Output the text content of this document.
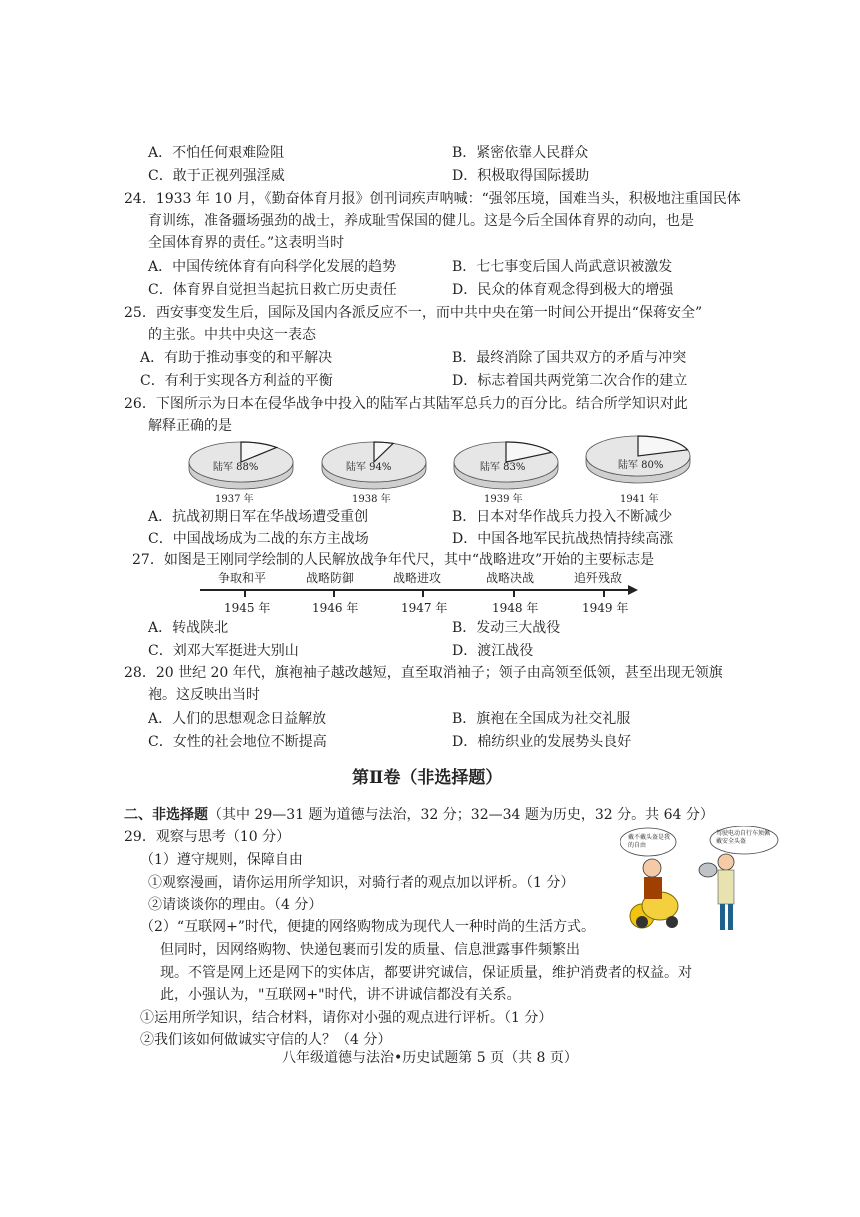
A．不怕任何艰难险阻	B．紧密依靠人民群众
C．敢于正视列强淫威	D．积极取得国际援助
24．1933 年 10 月，《勤奋体育月报》创刊词疾声呐喊：“强邻压境，国难当头，积极地注重国民体
育训练，准备疆场强劲的战士，养成耻雪保国的健儿。这是今后全国体育界的动向，也是
全国体育界的责任。”这表明当时
A．中国传统体育有向科学化发展的趋势	B．七七事变后国人尚武意识被激发
C．体育界自觉担当起抗日救亡历史责任	D．民众的体育观念得到极大的增强
25．西安事变发生后，国际及国内各派反应不一，而中共中央在第一时间公开提出“保蒋安全”
的主张。中共中央这一表态
A．有助于推动事变的和平解决	B．最终消除了国共双方的矛盾与冲突
C．有利于实现各方利益的平衡	D．标志着国共两党第二次合作的建立
26．下图所示为日本在侵华战争中投入的陆军占其陆军总兵力的百分比。结合所学知识对此
解释正确的是
陆军 88%
1937 年
陆军 94%
1938 年
陆军 83%
1939 年
陆军 80%
1941 年
A．抗战初期日军在华战场遭受重创	B．日本对华作战兵力投入不断减少
C．中国战场成为二战的东方主战场	D．中国各地军民抗战热情持续高涨
27．如图是王刚同学绘制的人民解放战争年代尺，其中“战略进攻”开始的主要标志是
争取和平	战略防御	战略进攻	战略决战	追歼残敌
1945 年	1946 年	1947 年	1948 年	1949 年
A．转战陕北	B．发动三大战役
C．刘邓大军挺进大别山	D．渡江战役
28．20 世纪 20 年代，旗袍袖子越改越短，直至取消袖子；领子由高领至低领，甚至出现无领旗
袍。这反映出当时
A．人们的思想观念日益解放	B．旗袍在全国成为社交礼服
C．女性的社会地位不断提高	D．棉纺织业的发展势头良好
第Ⅱ卷（非选择题）
二、非选择题（其中 29—31 题为道德与法治，32 分；32—34 题为历史，32 分。共 64 分）
29．观察与思考（10 分）
（1）遵守规则，保障自由
①观察漫画，请你运用所学知识，对骑行者的观点加以评析。（1 分）
②请谈谈你的理由。（4 分）
（2）“互联网+”时代，便捷的网络购物成为现代人一种时尚的生活方式。
但同时，因网络购物、快递包裹而引发的质量、信息泄露事件频繁出
现。不管是网上还是网下的实体店，都要讲究诚信，保证质量，维护消费者的权益。对
此，小强认为，"互联网+"时代，讲不讲诚信都没有关系。
①运用所学知识，结合材料，请你对小强的观点进行评析。（1 分）
②我们该如何做诚实守信的人？（4 分）
戴不戴头盔是我的自由
驾驶电动自行车须佩戴安全头盔
八年级道德与法治•历史试题第 5 页（共 8 页）
